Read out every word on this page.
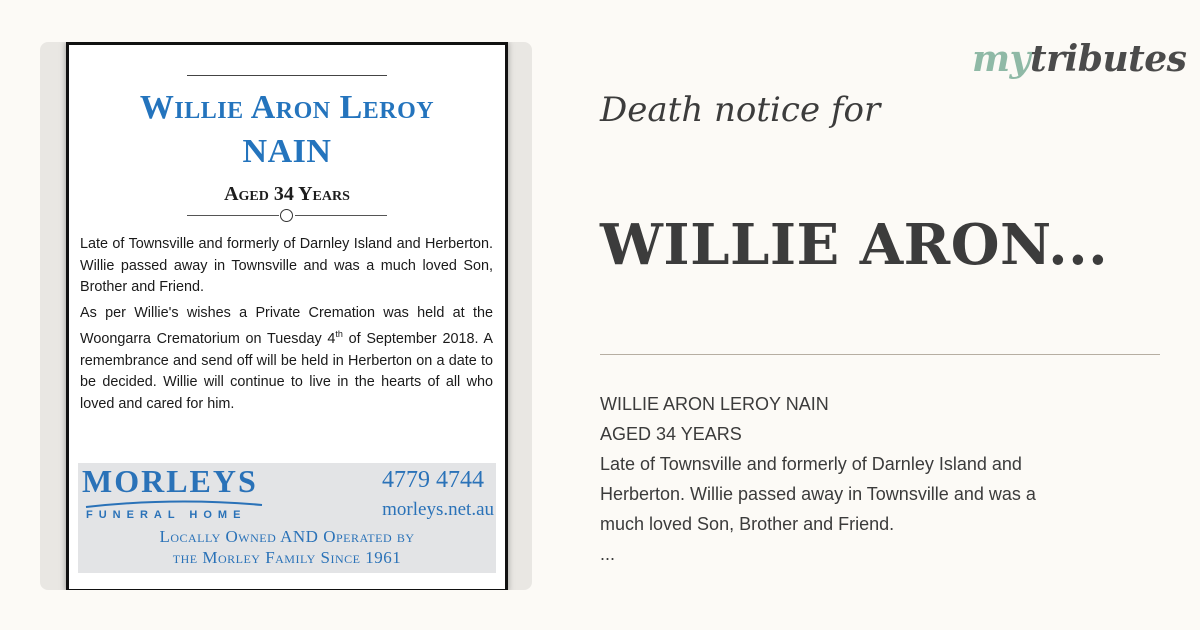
Willie Aron Leroy
NAIN
Aged 34 Years

Late of Townsville and formerly of Darnley Island and Herberton. Willie passed away in Townsville and was a much loved Son, Brother and Friend.

As per Willie's wishes a Private Cremation was held at the Woongarra Crematorium on Tuesday 4th of September 2018. A remembrance and send off will be held in Herberton on a date to be decided. Willie will continue to live in the hearts of all who loved and cared for him.

MORLEYS
FUNERAL HOME
4779 4744
morleys.net.au
Locally Owned AND Operated by
the Morley Family Since 1961
mytributes
Death notice for
WILLIE ARON...
WILLIE ARON LEROY NAIN
AGED 34 YEARS
Late of Townsville and formerly of Darnley Island and
Herberton. Willie passed away in Townsville and was a
much loved Son, Brother and Friend.
...
